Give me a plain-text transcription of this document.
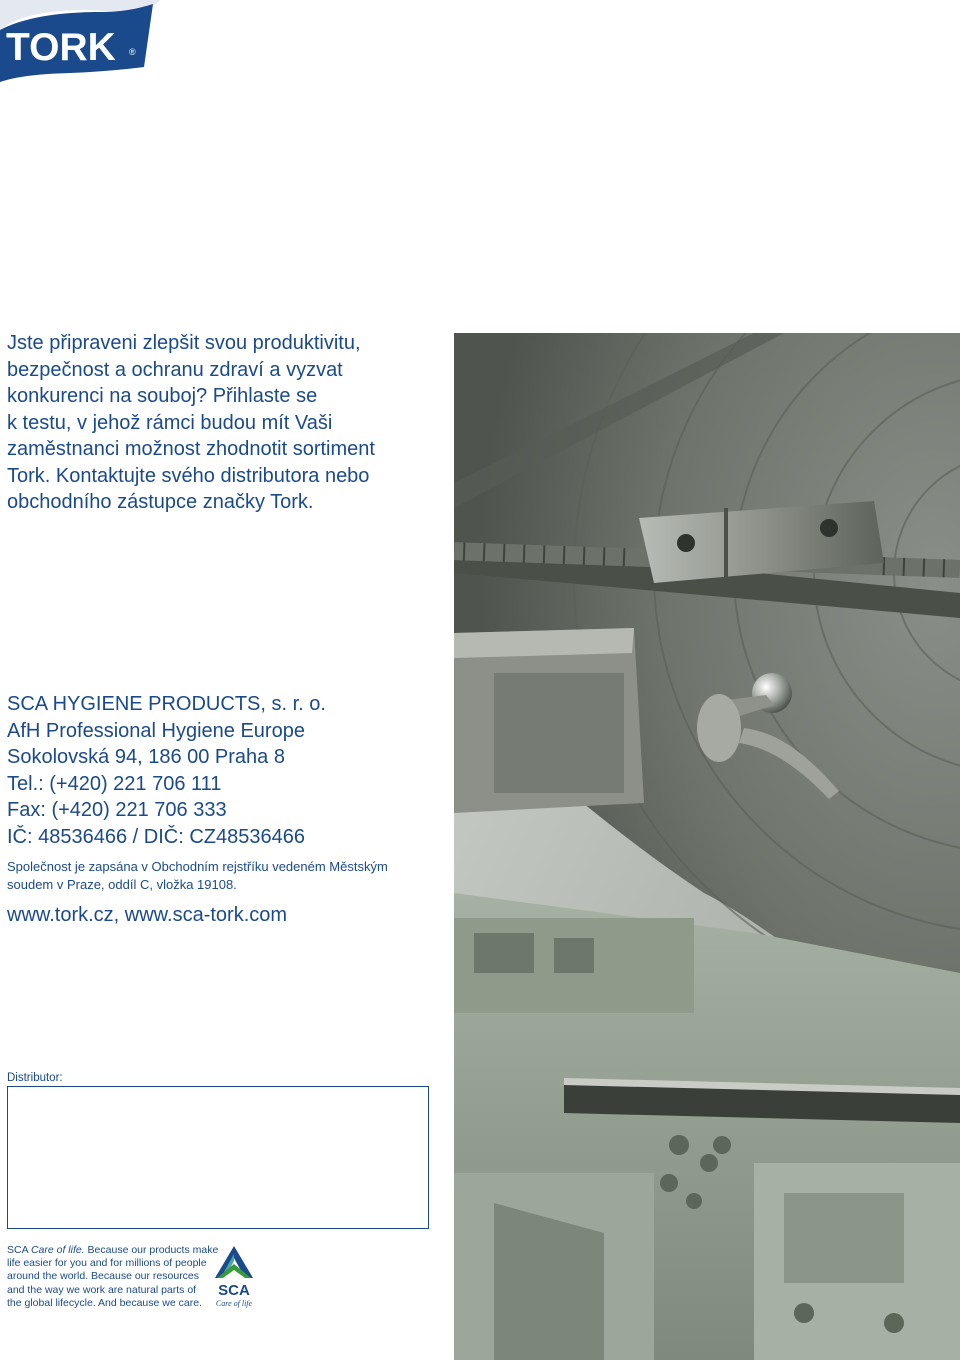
TORK ®
Jste připraveni zlepšit svou produktivitu,
bezpečnost a ochranu zdraví a vyzvat
konkurenci na souboj? Přihlaste se
k testu, v jehož rámci budou mít Vaši
zaměstnanci možnost zhodnotit sortiment
Tork. Kontaktujte svého distributora nebo
obchodního zástupce značky Tork.
SCA HYGIENE PRODUCTS, s. r. o.
AfH Professional Hygiene Europe
Sokolovská 94, 186 00 Praha 8
Tel.: (+420) 221 706 111
Fax: (+420) 221 706 333
IČ: 48536466 / DIČ: CZ48536466
Společnost je zapsána v Obchodním rejstříku vedeném Městským
soudem v Praze, oddíl C, vložka 19108.
www.tork.cz, www.sca-tork.com
Distributor:
SCA Care of life. Because our products make
life easier for you and for millions of people
around the world. Because our resources
and the way we work are natural parts of
the global lifecycle. And because we care.
SCA
Care of life
